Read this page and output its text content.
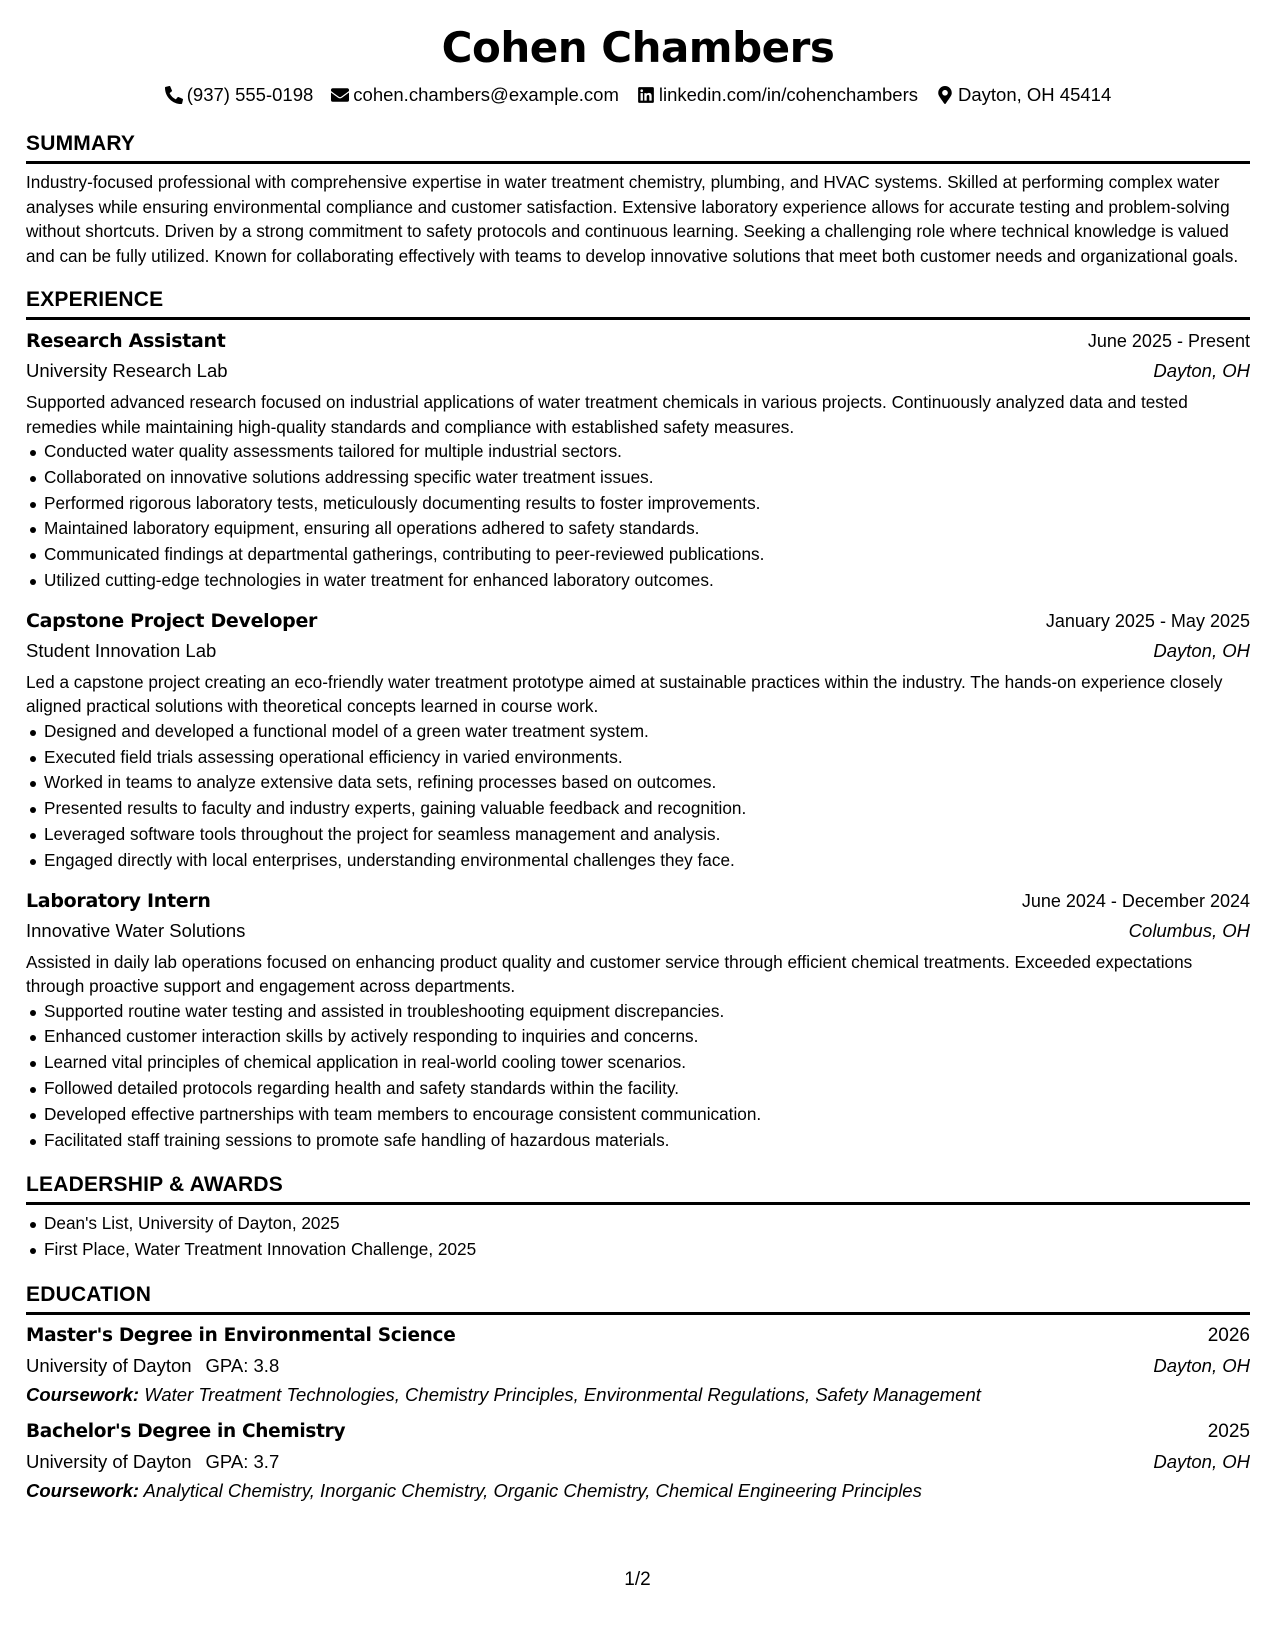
Cohen Chambers
(937) 555-0198 cohen.chambers@example.com linkedin.com/in/cohenchambers Dayton, OH 45414
SUMMARY
Industry-focused professional with comprehensive expertise in water treatment chemistry, plumbing, and HVAC systems. Skilled at performing complex water analyses while ensuring environmental compliance and customer satisfaction. Extensive laboratory experience allows for accurate testing and problem-solving without shortcuts. Driven by a strong commitment to safety protocols and continuous learning. Seeking a challenging role where technical knowledge is valued and can be fully utilized. Known for collaborating effectively with teams to develop innovative solutions that meet both customer needs and organizational goals.
EXPERIENCE
Research Assistant	June 2025 - Present
University Research Lab	Dayton, OH
Supported advanced research focused on industrial applications of water treatment chemicals in various projects. Continuously analyzed data and tested remedies while maintaining high-quality standards and compliance with established safety measures.
Conducted water quality assessments tailored for multiple industrial sectors.
Collaborated on innovative solutions addressing specific water treatment issues.
Performed rigorous laboratory tests, meticulously documenting results to foster improvements.
Maintained laboratory equipment, ensuring all operations adhered to safety standards.
Communicated findings at departmental gatherings, contributing to peer-reviewed publications.
Utilized cutting-edge technologies in water treatment for enhanced laboratory outcomes.
Capstone Project Developer	January 2025 - May 2025
Student Innovation Lab	Dayton, OH
Led a capstone project creating an eco-friendly water treatment prototype aimed at sustainable practices within the industry. The hands-on experience closely aligned practical solutions with theoretical concepts learned in course work.
Designed and developed a functional model of a green water treatment system.
Executed field trials assessing operational efficiency in varied environments.
Worked in teams to analyze extensive data sets, refining processes based on outcomes.
Presented results to faculty and industry experts, gaining valuable feedback and recognition.
Leveraged software tools throughout the project for seamless management and analysis.
Engaged directly with local enterprises, understanding environmental challenges they face.
Laboratory Intern	June 2024 - December 2024
Innovative Water Solutions	Columbus, OH
Assisted in daily lab operations focused on enhancing product quality and customer service through efficient chemical treatments. Exceeded expectations through proactive support and engagement across departments.
Supported routine water testing and assisted in troubleshooting equipment discrepancies.
Enhanced customer interaction skills by actively responding to inquiries and concerns.
Learned vital principles of chemical application in real-world cooling tower scenarios.
Followed detailed protocols regarding health and safety standards within the facility.
Developed effective partnerships with team members to encourage consistent communication.
Facilitated staff training sessions to promote safe handling of hazardous materials.
LEADERSHIP & AWARDS
Dean's List, University of Dayton, 2025
First Place, Water Treatment Innovation Challenge, 2025
EDUCATION
Master's Degree in Environmental Science	2026
University of Dayton GPA: 3.8	Dayton, OH
Coursework: Water Treatment Technologies, Chemistry Principles, Environmental Regulations, Safety Management
Bachelor's Degree in Chemistry	2025
University of Dayton GPA: 3.7	Dayton, OH
Coursework: Analytical Chemistry, Inorganic Chemistry, Organic Chemistry, Chemical Engineering Principles
1/2
